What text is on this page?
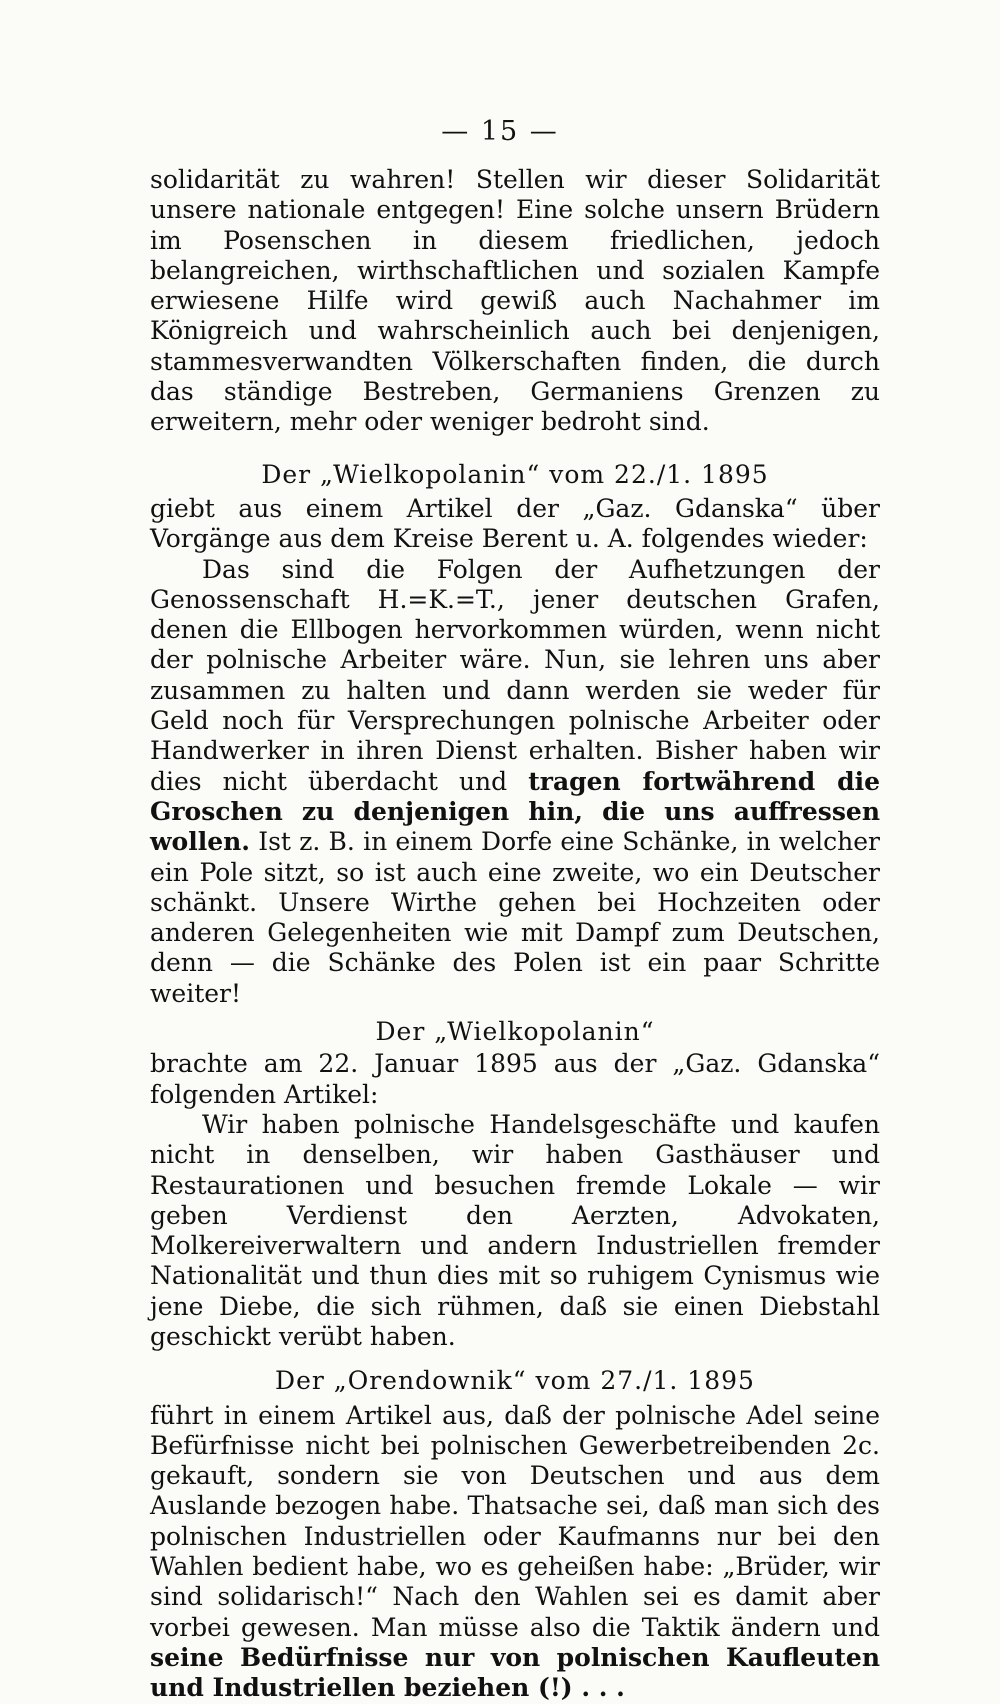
— 15 —

solidarität zu wahren! Stellen wir dieser Solidarität unsere nationale entgegen! Eine solche unsern Brüdern im Posenschen in diesem friedlichen, jedoch belangreichen, wirthschaftlichen und sozialen Kampfe erwiesene Hilfe wird gewiß auch Nachahmer im Königreich und wahrscheinlich auch bei denjenigen, stammesverwandten Völkerschaften finden, die durch das ständige Bestreben, Germaniens Grenzen zu erweitern, mehr oder weniger bedroht sind.

Der „Wielkopolanin“ vom 22./1. 1895

giebt aus einem Artikel der „Gaz. Gdanska“ über Vorgänge aus dem Kreise Berent u. A. folgendes wieder:

Das sind die Folgen der Aufhetzungen der Genossenschaft H.=K.=T., jener deutschen Grafen, denen die Ellbogen hervorkommen würden, wenn nicht der polnische Arbeiter wäre. Nun, sie lehren uns aber zusammen zu halten und dann werden sie weder für Geld noch für Versprechungen polnische Arbeiter oder Handwerker in ihren Dienst erhalten. Bisher haben wir dies nicht überdacht und tragen fortwährend die Groschen zu denjenigen hin, die uns auffressen wollen. Ist z. B. in einem Dorfe eine Schänke, in welcher ein Pole sitzt, so ist auch eine zweite, wo ein Deutscher schänkt. Unsere Wirthe gehen bei Hochzeiten oder anderen Gelegenheiten wie mit Dampf zum Deutschen, denn — die Schänke des Polen ist ein paar Schritte weiter!

Der „Wielkopolanin“

brachte am 22. Januar 1895 aus der „Gaz. Gdanska“ folgenden Artikel:

Wir haben polnische Handelsgeschäfte und kaufen nicht in denselben, wir haben Gasthäuser und Restaurationen und besuchen fremde Lokale — wir geben Verdienst den Aerzten, Advokaten, Molkereiverwaltern und andern Industriellen fremder Nationalität und thun dies mit so ruhigem Cynismus wie jene Diebe, die sich rühmen, daß sie einen Diebstahl geschickt verübt haben.

Der „Orendownik“ vom 27./1. 1895

führt in einem Artikel aus, daß der polnische Adel seine Befürfnisse nicht bei polnischen Gewerbetreibenden 2c. gekauft, sondern sie von Deutschen und aus dem Auslande bezogen habe. Thatsache sei, daß man sich des polnischen Industriellen oder Kaufmanns nur bei den Wahlen bedient habe, wo es geheißen habe: „Brüder, wir sind solidarisch!“ Nach den Wahlen sei es damit aber vorbei gewesen. Man müsse also die Taktik ändern und seine Bedürfnisse nur von polnischen Kaufleuten und Industriellen beziehen (!) . . .
